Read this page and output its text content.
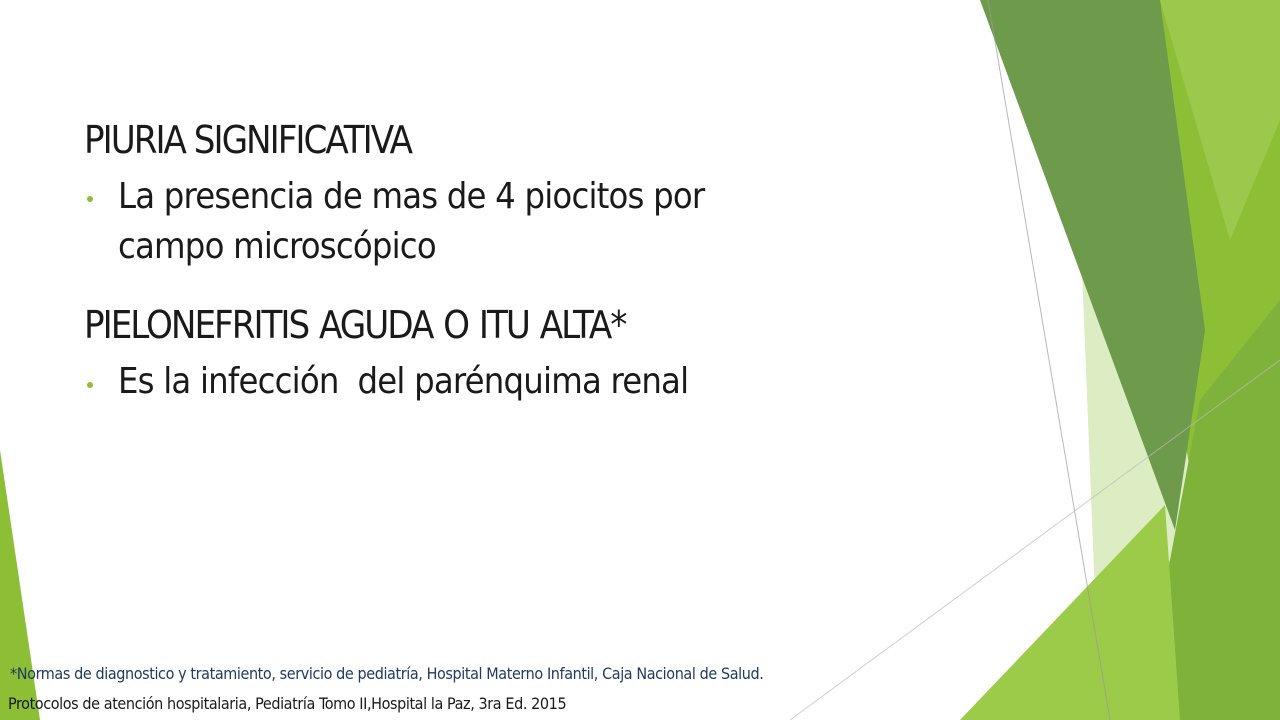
PIURIA SIGNIFICATIVA
La presencia de mas de 4 piocitos por
campo microscópico
PIELONEFRITIS AGUDA O ITU ALTA*
Es la infección  del parénquima renal
*Normas de diagnostico y tratamiento, servicio de pediatría, Hospital Materno Infantil, Caja Nacional de Salud.
Protocolos de atención hospitalaria, Pediatría Tomo II,Hospital la Paz, 3ra Ed. 2015
